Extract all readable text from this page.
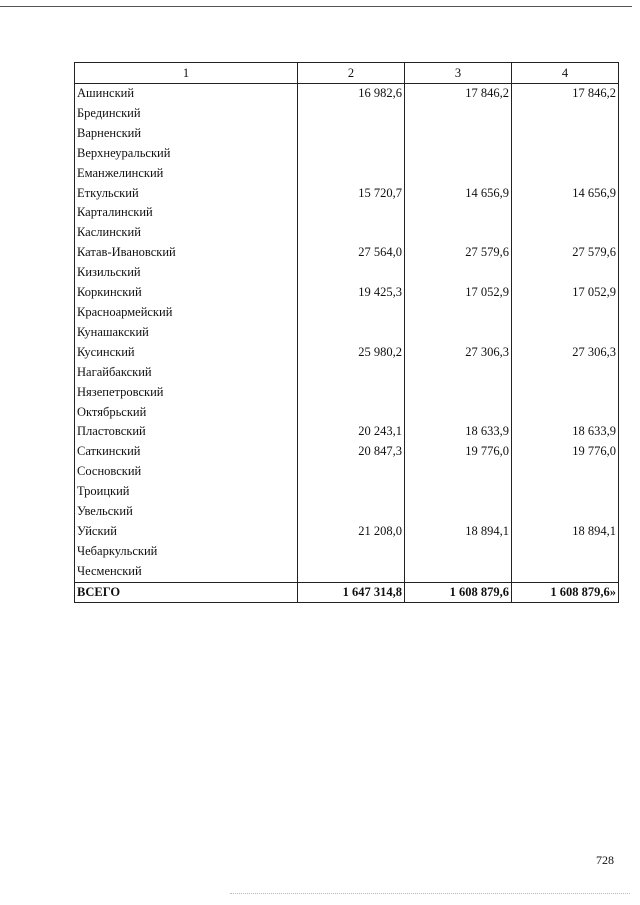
1	2	3	4
Ашинский	16 982,6	17 846,2	17 846,2
Брединский			
Варненский			
Верхнеуральский			
Еманжелинский			
Еткульский	15 720,7	14 656,9	14 656,9
Карталинский			
Каслинский			
Катав-Ивановский	27 564,0	27 579,6	27 579,6
Кизильский			
Коркинский	19 425,3	17 052,9	17 052,9
Красноармейский			
Кунашакский			
Кусинский	25 980,2	27 306,3	27 306,3
Нагайбакский			
Нязепетровский			
Октябрьский			
Пластовский	20 243,1	18 633,9	18 633,9
Саткинский	20 847,3	19 776,0	19 776,0
Сосновский			
Троицкий			
Увельский			
Уйский	21 208,0	18 894,1	18 894,1
Чебаркульский			
Чесменский			
ВСЕГО	1 647 314,8	1 608 879,6	1 608 879,6»
728
